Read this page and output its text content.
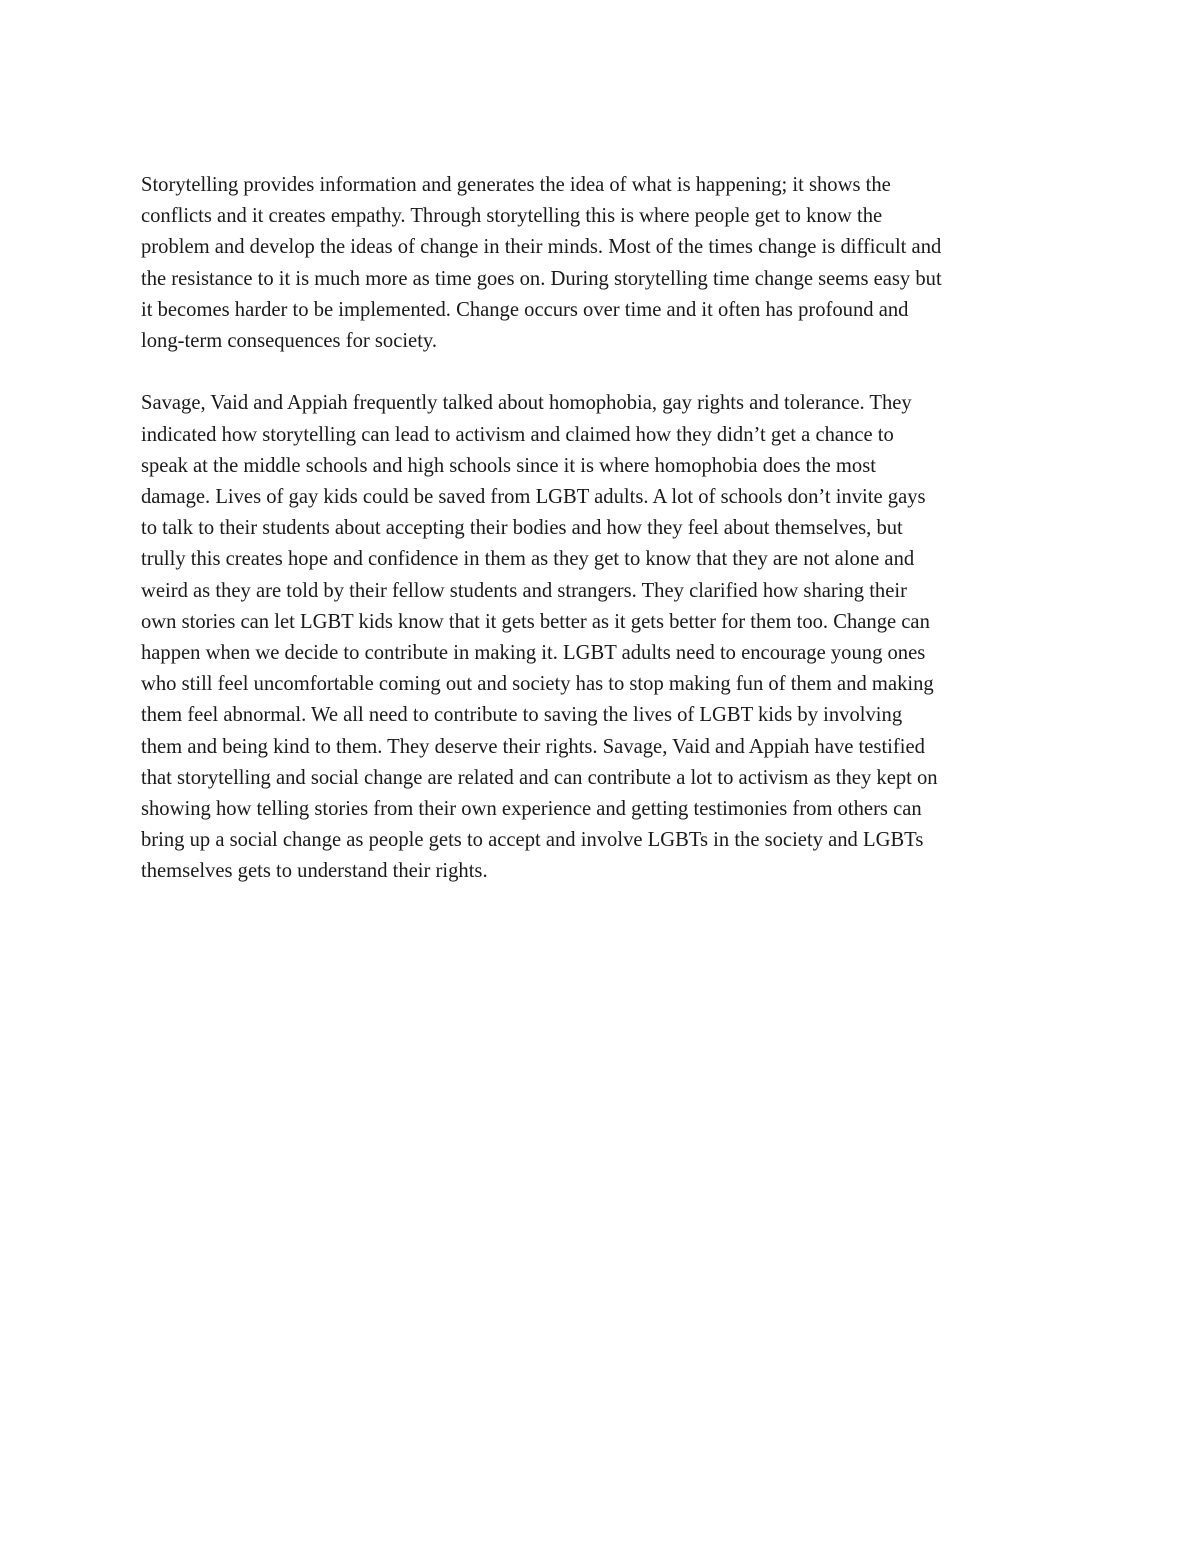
Storytelling provides information and generates the idea of what is happening; it shows the
conflicts and it creates empathy. Through storytelling this is where people get to know the
problem and develop the ideas of change in their minds. Most of the times change is difficult and
the resistance to it is much more as time goes on. During storytelling time change seems easy but
it becomes harder to be implemented. Change occurs over time and it often has profound and
long-term consequences for society.

Savage, Vaid and Appiah frequently talked about homophobia, gay rights and tolerance. They
indicated how storytelling can lead to activism and claimed how they didn’t get a chance to
speak at the middle schools and high schools since it is where homophobia does the most
damage. Lives of gay kids could be saved from LGBT adults. A lot of schools don’t invite gays
to talk to their students about accepting their bodies and how they feel about themselves, but
trully this creates hope and confidence in them as they get to know that they are not alone and
weird as they are told by their fellow students and strangers. They clarified how sharing their
own stories can let LGBT kids know that it gets better as it gets better for them too. Change can
happen when we decide to contribute in making it. LGBT adults need to encourage young ones
who still feel uncomfortable coming out and society has to stop making fun of them and making
them feel abnormal. We all need to contribute to saving the lives of LGBT kids by involving
them and being kind to them. They deserve their rights. Savage, Vaid and Appiah have testified
that storytelling and social change are related and can contribute a lot to activism as they kept on
showing how telling stories from their own experience and getting testimonies from others can
bring up a social change as people gets to accept and involve LGBTs in the society and LGBTs
themselves gets to understand their rights.
